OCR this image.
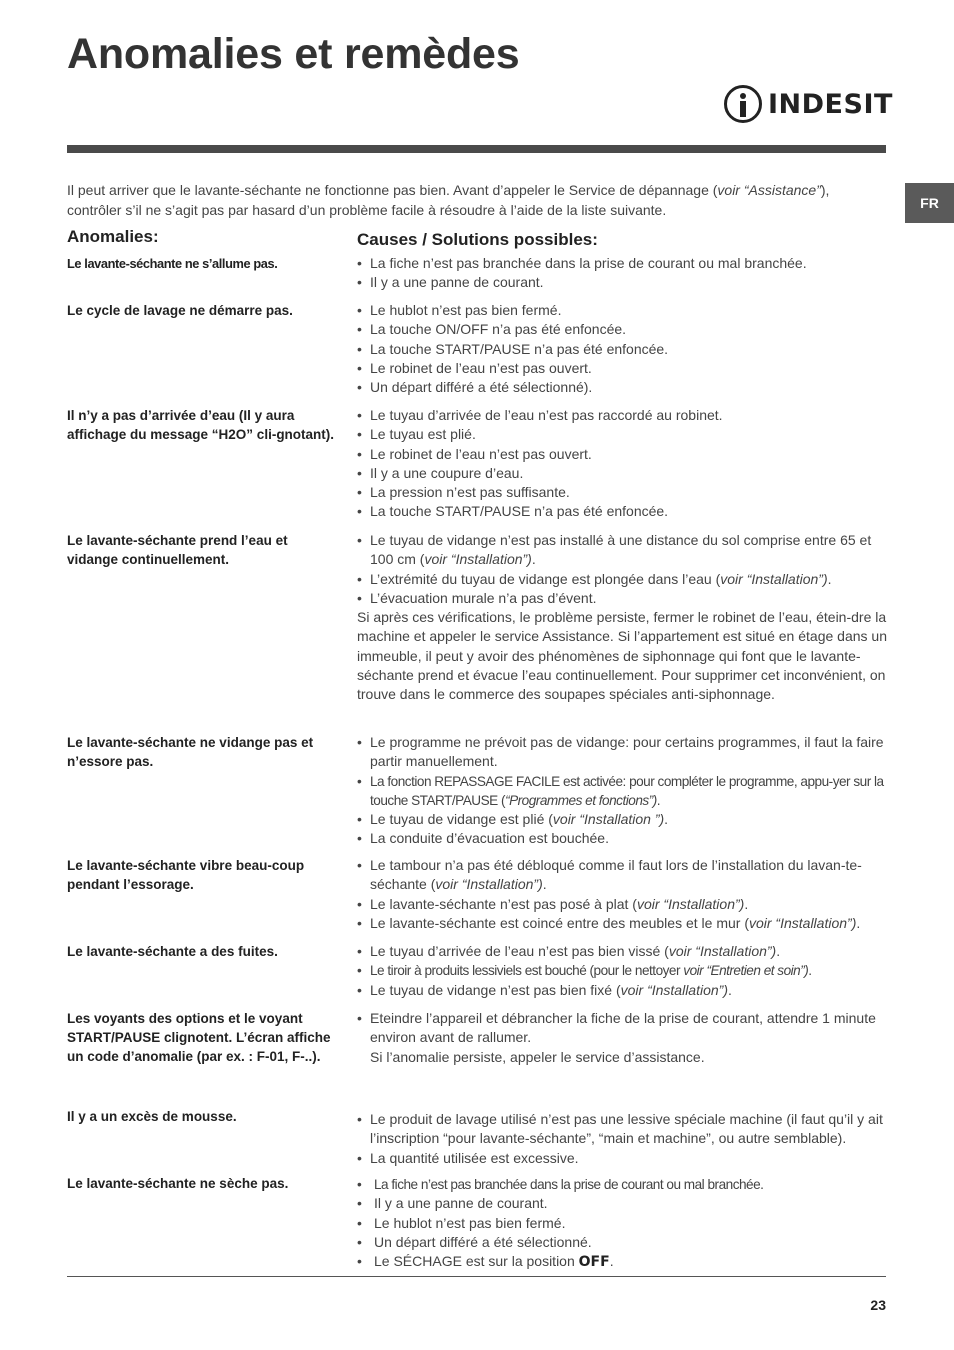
Anomalies et remèdes
INDESIT
FR
Il peut arriver que le lavante-séchante ne fonctionne pas bien. Avant d’appeler le Service de dépannage (voir “Assistance”), contrôler s’il ne s’agit pas par hasard d’un problème facile à résoudre à l’aide de la liste suivante.
Anomalies:	Causes / Solutions possibles:
Le lavante-séchante ne s’allume pas.	• La fiche n’est pas branchée dans la prise de courant ou mal branchée.
• Il y a une panne de courant.
Le cycle de lavage ne démarre pas.	• Le hublot n’est pas bien fermé.
• La touche ON/OFF n’a pas été enfoncée.
• La touche START/PAUSE n’a pas été enfoncée.
• Le robinet de l’eau n’est pas ouvert.
• Un départ différé a été sélectionné).
Il n’y a pas d’arrivée d’eau (Il y aura affichage du message “H2O” cli-gnotant).
• Le tuyau d’arrivée de l’eau n’est pas raccordé au robinet.
• Le tuyau est plié.
• Le robinet de l’eau n’est pas ouvert.
• Il y a une coupure d’eau.
• La pression n’est pas suffisante.
• La touche START/PAUSE n’a pas été enfoncée.
Le lavante-séchante prend l’eau et vidange continuellement.
• Le tuyau de vidange n’est pas installé à une distance du sol comprise entre 65 et 100 cm (voir “Installation”).
• L’extrémité du tuyau de vidange est plongée dans l’eau (voir “Installation”).
• L’évacuation murale n’a pas d’évent.

Si après ces vérifications, le problème persiste, fermer le robinet de l’eau, étein-dre la machine et appeler le service Assistance. Si l’appartement est situé en étage dans un immeuble, il peut y avoir des phénomènes de siphonnage qui font que le lavante-séchante prend et évacue l’eau continuellement. Pour supprimer cet inconvénient, on trouve dans le commerce des soupapes spéciales anti-siphonnage.

Le lavante-séchante ne vidange pas et n’essore pas.
• Le programme ne prévoit pas de vidange: pour certains programmes, il faut la faire partir manuellement.
• La fonction REPASSAGE FACILE est activée: pour compléter le programme, appu-yer sur la touche START/PAUSE (“Programmes et fonctions”).
• Le tuyau de vidange est plié (voir “Installation ”).
• La conduite d’évacuation est bouchée.
Le lavante-séchante vibre beau-coup pendant l’essorage.
• Le tambour n’a pas été débloqué comme il faut lors de l’installation du lavan-te-séchante (voir “Installation”).
• Le lavante-séchante n’est pas posé à plat (voir “Installation”).
• Le lavante-séchante est coincé entre des meubles et le mur (voir “Installation”).
Le lavante-séchante a des fuites.	• Le tuyau d’arrivée de l’eau n’est pas bien vissé (voir “Installation”).
• Le tiroir à produits lessiviels est bouché (pour le nettoyer voir “Entretien et soin”).
• Le tuyau de vidange n’est pas bien fixé (voir “Installation”).
Les voyants des options et le voyant START/PAUSE clignotent. L’écran affiche un code d’anomalie (par ex. : F-01, F-..).
• Eteindre l’appareil et débrancher la fiche de la prise de courant, attendre 1 minute environ avant de rallumer.
Si l’anomalie persiste, appeler le service d’assistance.
Il y a un excès de mousse.	• Le produit de lavage utilisé n’est pas une lessive spéciale machine (il faut qu’il y ait l’inscription “pour lavante-séchante”, “main et machine”, ou autre semblable).
• La quantité utilisée est excessive.
Le lavante-séchante ne sèche pas.	• La fiche n’est pas branchée dans la prise de courant ou mal branchée.
• Il y a une panne de courant.
• Le hublot n’est pas bien fermé.
• Un départ différé a été sélectionné.
• Le SÉCHAGE est sur la position OFF.
23
